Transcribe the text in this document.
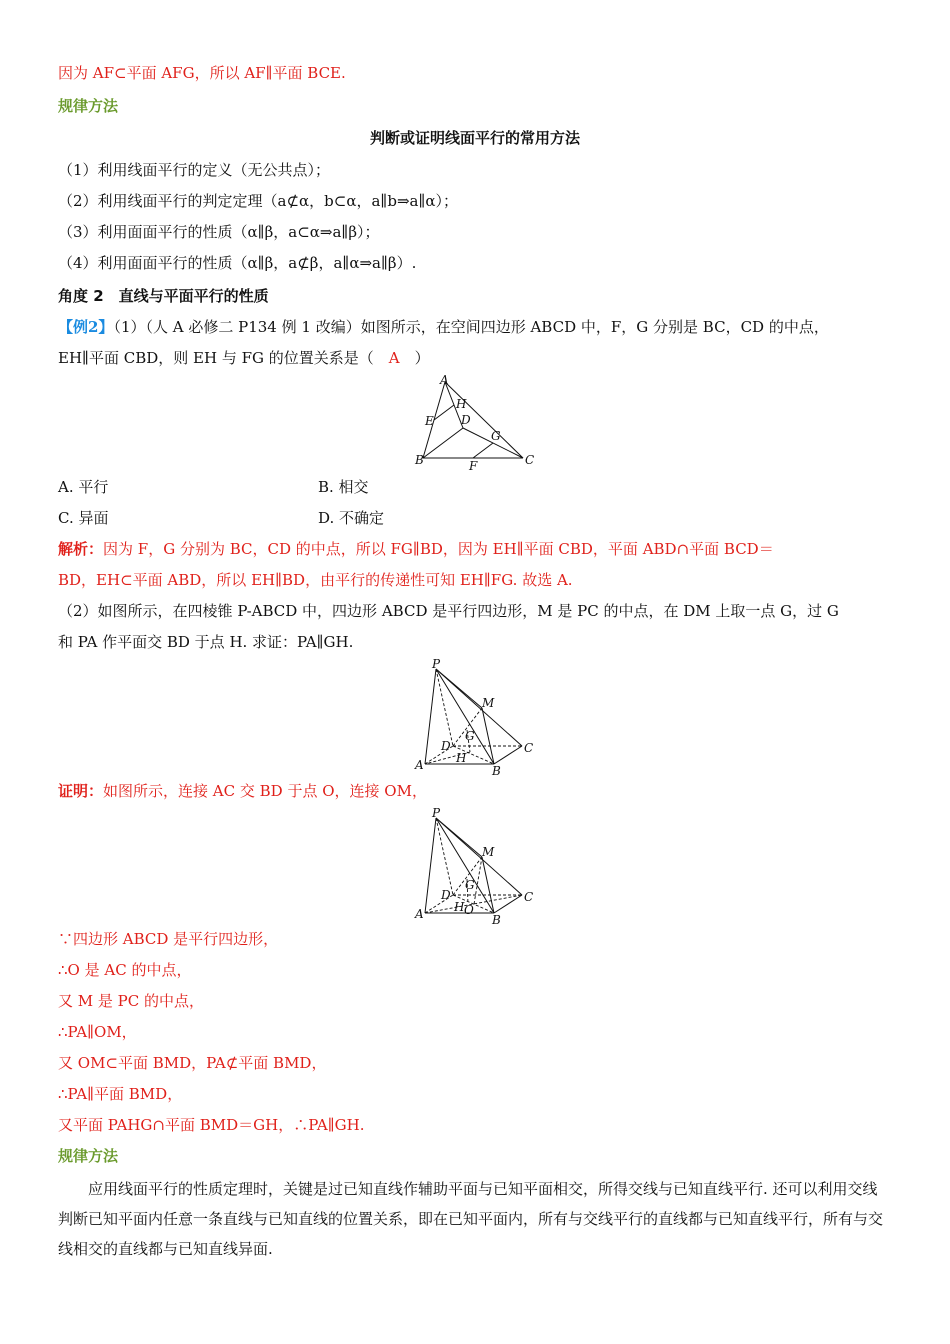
因为 AF⊂平面 AFG，所以 AF∥平面 BCE.
规律方法
判断或证明线面平行的常用方法
（1）利用线面平行的定义（无公共点）；
（2）利用线面平行的判定定理（a⊄α，b⊂α，a∥b⇒a∥α）；
（3）利用面面平行的性质（α∥β，a⊂α⇒a∥β）；
（4）利用面面平行的性质（α∥β，a⊄β，a∥α⇒a∥β）.
角度 2　直线与平面平行的性质
【例2】（1）（人 A 必修二 P134 例 1 改编）如图所示，在空间四边形 ABCD 中，F，G 分别是 BC，CD 的中点，
EH∥平面 CBD，则 EH 与 FG 的位置关系是（　A　）
A
H
E D
G
B	F	C
A. 平行	B. 相交
C. 异面	D. 不确定
解析：因为 F，G 分别为 BC，CD 的中点，所以 FG∥BD，因为 EH∥平面 CBD，平面 ABD∩平面 BCD＝
BD，EH⊂平面 ABD，所以 EH∥BD，由平行的传递性可知 EH∥FG. 故选 A.
（2）如图所示，在四棱锥 P-ABCD 中，四边形 ABCD 是平行四边形，M 是 PC 的中点，在 DM 上取一点 G，过 G
和 PA 作平面交 BD 于点 H. 求证：PA∥GH.
P
M
G
D
H
C
A	B
证明：如图所示，连接 AC 交 BD 于点 O，连接 OM，
P
M
G
D
H O
C
A	B
∵四边形 ABCD 是平行四边形，
∴O 是 AC 的中点，
又 M 是 PC 的中点，
∴PA∥OM，
又 OM⊂平面 BMD，PA⊄平面 BMD，
∴PA∥平面 BMD，
又平面 PAHG∩平面 BMD＝GH，∴PA∥GH.
规律方法
应用线面平行的性质定理时，关键是过已知直线作辅助平面与已知平面相交，所得交线与已知直线平行. 还可以利用交线判断已知平面内任意一条直线与已知直线的位置关系，即在已知平面内，所有与交线平行的直线都与已知直线平行，所有与交线相交的直线都与已知直线异面.
